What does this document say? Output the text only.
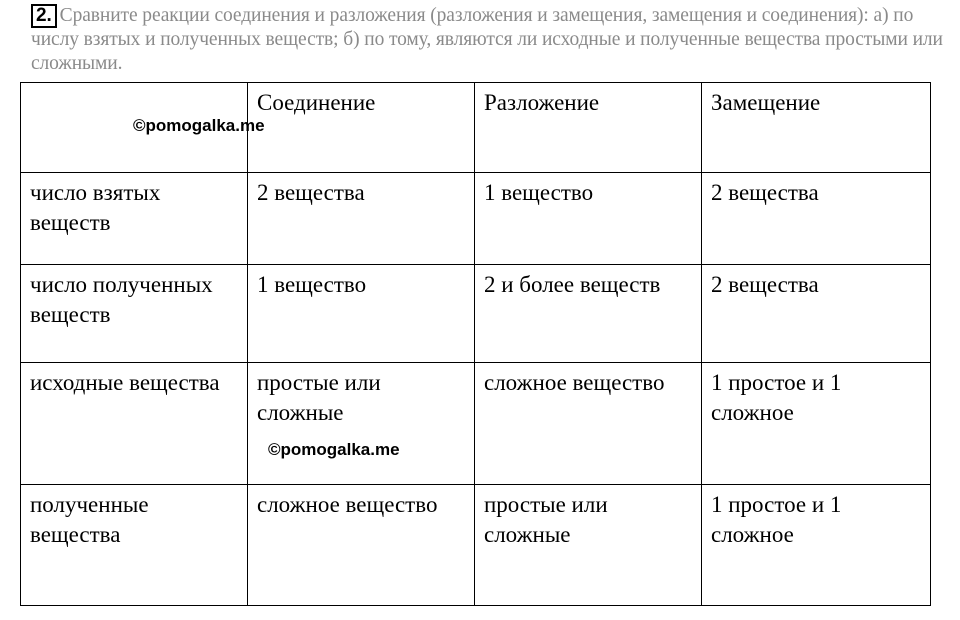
2. Сравните реакции соединения и разложения (разложения и замещения, замещения и соединения): а) по числу взятых и полученных веществ; б) по тому, являются ли исходные и полученные вещества простыми или сложными.
	Соединение	Разложение	Замещение
число взятых веществ	2 вещества	1 вещество	2 вещества
число полученных веществ	1 вещество	2 и более веществ	2 вещества
исходные вещества	простые или сложные	сложное вещество	1 простое и 1 сложное
полученные вещества	сложное вещество	простые или сложные	1 простое и 1 сложное
©pomogalka.me
©pomogalka.me
